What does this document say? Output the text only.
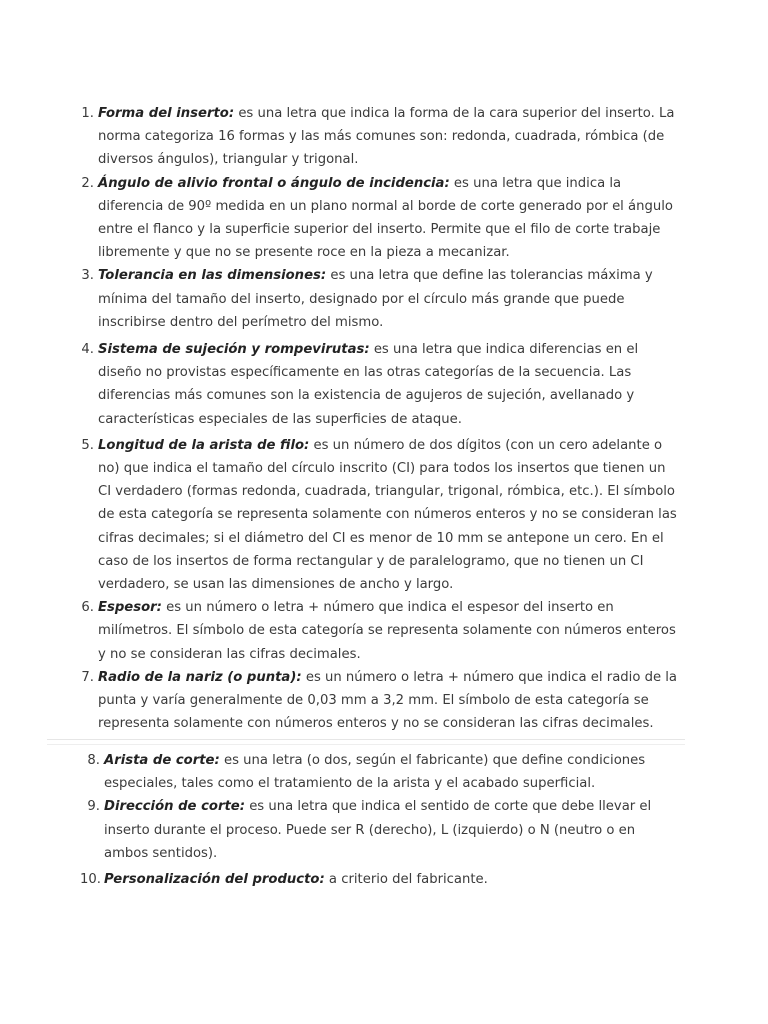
1. Forma del inserto: es una letra que indica la forma de la cara superior del inserto. La norma categoriza 16 formas y las más comunes son: redonda, cuadrada, rómbica (de diversos ángulos), triangular y trigonal.
2. Ángulo de alivio frontal o ángulo de incidencia: es una letra que indica la diferencia de 90º medida en un plano normal al borde de corte generado por el ángulo entre el flanco y la superficie superior del inserto. Permite que el filo de corte trabaje libremente y que no se presente roce en la pieza a mecanizar.
3. Tolerancia en las dimensiones: es una letra que define las tolerancias máxima y mínima del tamaño del inserto, designado por el círculo más grande que puede inscribirse dentro del perímetro del mismo.
4. Sistema de sujeción y rompevirutas: es una letra que indica diferencias en el diseño no provistas específicamente en las otras categorías de la secuencia. Las diferencias más comunes son la existencia de agujeros de sujeción, avellanado y características especiales de las superficies de ataque.
5. Longitud de la arista de filo: es un número de dos dígitos (con un cero adelante o no) que indica el tamaño del círculo inscrito (CI) para todos los insertos que tienen un CI verdadero (formas redonda, cuadrada, triangular, trigonal, rómbica, etc.). El símbolo de esta categoría se representa solamente con números enteros y no se consideran las cifras decimales; si el diámetro del CI es menor de 10 mm se antepone un cero. En el caso de los insertos de forma rectangular y de paralelogramo, que no tienen un CI verdadero, se usan las dimensiones de ancho y largo.
6. Espesor: es un número o letra + número que indica el espesor del inserto en milímetros. El símbolo de esta categoría se representa solamente con números enteros y no se consideran las cifras decimales.
7. Radio de la nariz (o punta): es un número o letra + número que indica el radio de la punta y varía generalmente de 0,03 mm a 3,2 mm. El símbolo de esta categoría se representa solamente con números enteros y no se consideran las cifras decimales.
8. Arista de corte: es una letra (o dos, según el fabricante) que define condiciones especiales, tales como el tratamiento de la arista y el acabado superficial.
9. Dirección de corte: es una letra que indica el sentido de corte que debe llevar el inserto durante el proceso. Puede ser R (derecho), L (izquierdo) o N (neutro o en ambos sentidos).
10. Personalización del producto: a criterio del fabricante.
